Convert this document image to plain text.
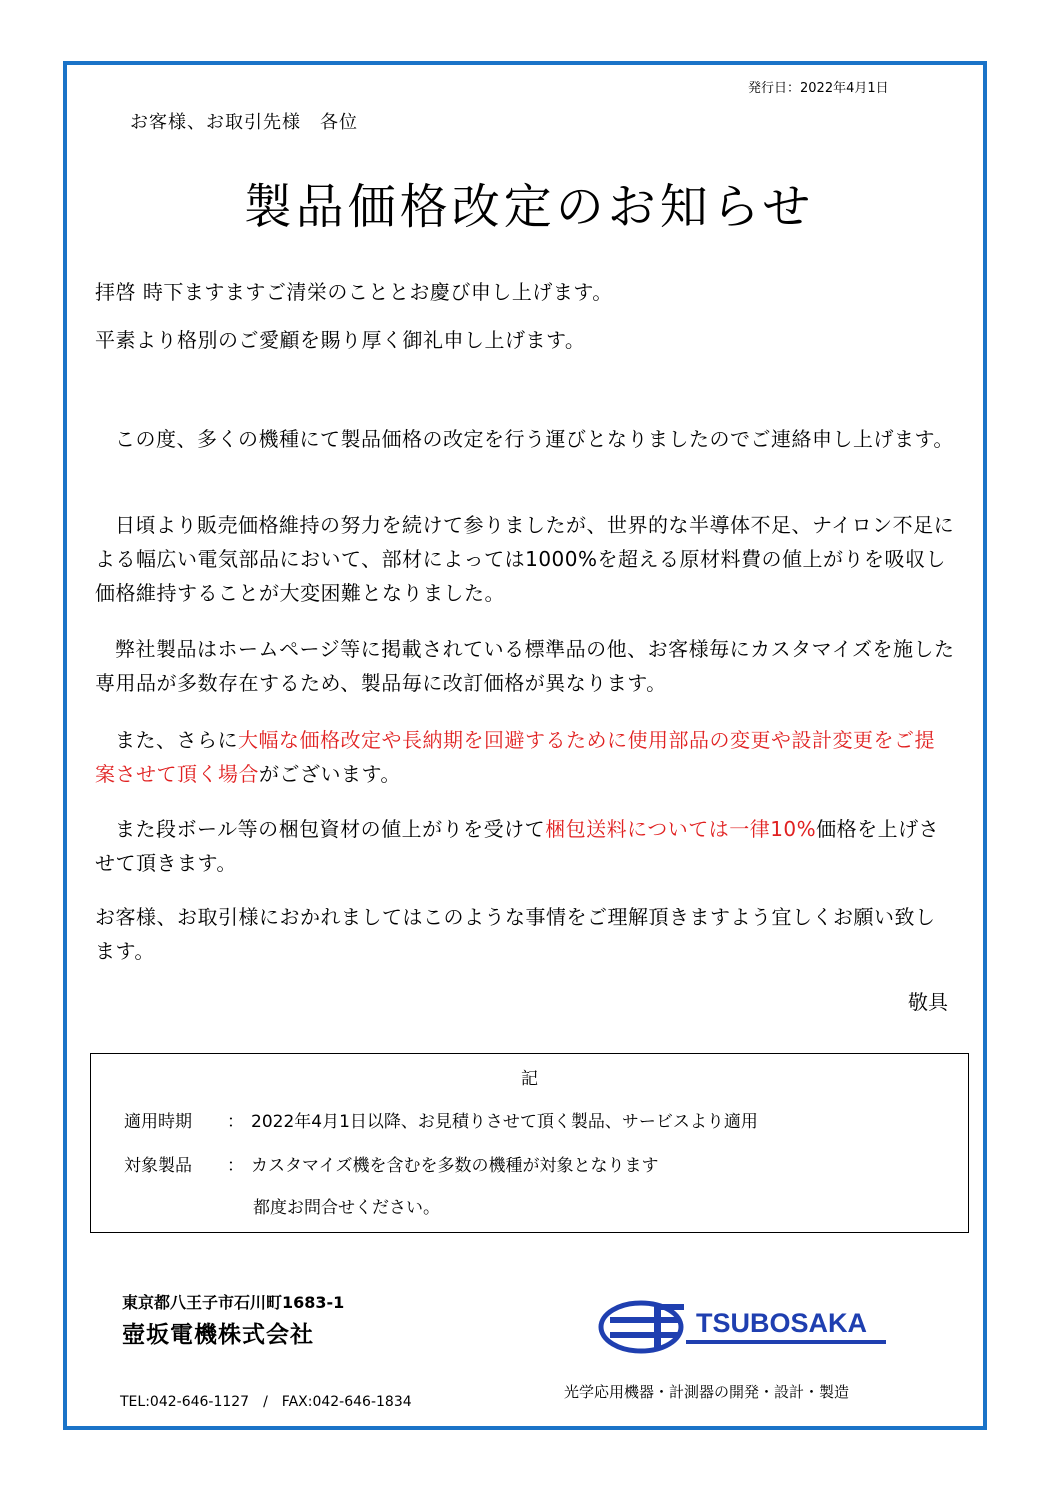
発行日：2022年4月1日
お客様、お取引先様　各位
製品価格改定のお知らせ

拝啓 時下ますますご清栄のこととお慶び申し上げます。

平素より格別のご愛顧を賜り厚く御礼申し上げます。

この度、多くの機種にて製品価格の改定を行う運びとなりましたのでご連絡申し上げます。

日頃より販売価格維持の努力を続けて参りましたが、世界的な半導体不足、ナイロン不足による幅広い電気部品において、部材によっては1000%を超える原材料費の値上がりを吸収し価格維持することが大変困難となりました。

弊社製品はホームページ等に掲載されている標準品の他、お客様毎にカスタマイズを施した専用品が多数存在するため、製品毎に改訂価格が異なります。

また、さらに大幅な価格改定や長納期を回避するために使用部品の変更や設計変更をご提案させて頂く場合がございます。

また段ボール等の梱包資材の値上がりを受けて梱包送料については一律10%価格を上げさせて頂きます。

お客様、お取引様におかれましてはこのような事情をご理解頂きますよう宜しくお願い致します。

敬具
記
適用時期 ： 2022年4月1日以降、お見積りさせて頂く製品、サービスより適用
対象製品 ： カスタマイズ機を含むを多数の機種が対象となります
都度お問合せください。
東京都八王子市石川町1683-1
壺坂電機株式会社	TSUBOSAKA
光学応用機器・計測器の開発・設計・製造
TEL:042-646-1127　/　FAX:042-646-1834
